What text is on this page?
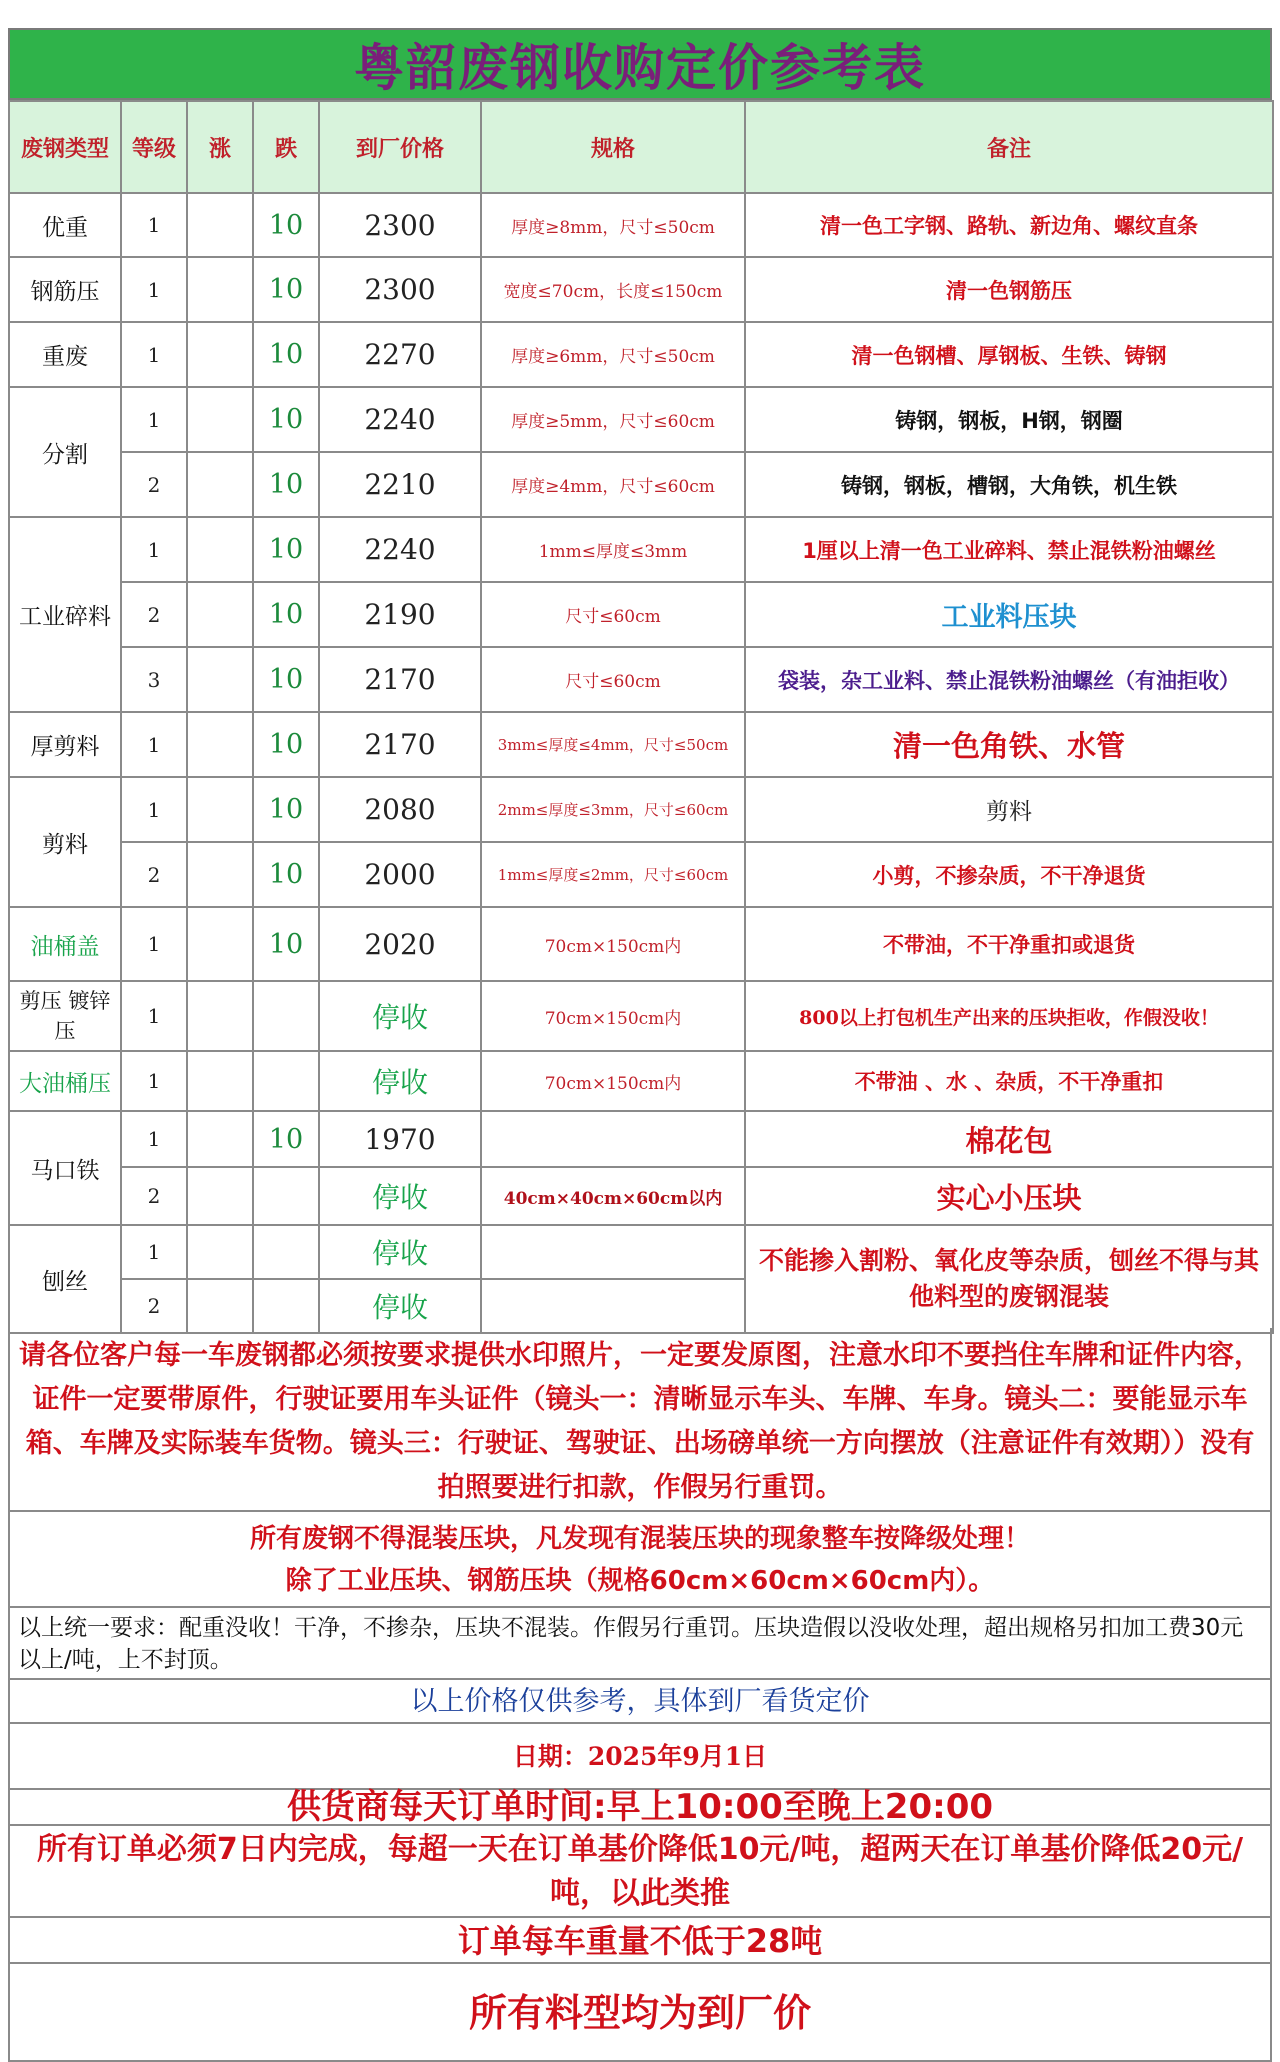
粤韶废钢收购定价参考表
废钢类型	等级	涨	跌	到厂价格	规格	备注
优重	1		10	2300	厚度≥8mm，尺寸≤50cm	清一色工字钢、路轨、新边角、螺纹直条
钢筋压	1		10	2300	宽度≤70cm，长度≤150cm	清一色钢筋压
重废	1		10	2270	厚度≥6mm，尺寸≤50cm	清一色钢槽、厚钢板、生铁、铸钢
分割	1		10	2240	厚度≥5mm，尺寸≤60cm	铸钢，钢板，H钢，钢圈
	2		10	2210	厚度≥4mm，尺寸≤60cm	铸钢，钢板，槽钢，大角铁，机生铁
工业碎料	1		10	2240	1mm≤厚度≤3mm	1厘以上清一色工业碎料、禁止混铁粉油螺丝
	2		10	2190	尺寸≤60cm	工业料压块
	3		10	2170	尺寸≤60cm	袋装，杂工业料、禁止混铁粉油螺丝（有油拒收）
厚剪料	1		10	2170	3mm≤厚度≤4mm，尺寸≤50cm	清一色角铁、水管
剪料	1		10	2080	2mm≤厚度≤3mm，尺寸≤60cm	剪料
	2		10	2000	1mm≤厚度≤2mm，尺寸≤60cm	小剪，不掺杂质，不干净退货
油桶盖	1		10	2020	70cm×150cm内	不带油，不干净重扣或退货
剪压 镀锌压	1			停收	70cm×150cm内	800以上打包机生产出来的压块拒收，作假没收！
大油桶压	1			停收	70cm×150cm内	不带油 、水 、杂质，不干净重扣
马口铁	1		10	1970		棉花包
	2			停收	40cm×40cm×60cm以内	实心小压块
刨丝	1			停收		不能掺入割粉、氧化皮等杂质，刨丝不得与其他料型的废钢混装
	2			停收		
请各位客户每一车废钢都必须按要求提供水印照片，一定要发原图，注意水印不要挡住车牌和证件内容，证件一定要带原件，行驶证要用车头证件（镜头一：清晰显示车头、车牌、车身。镜头二：要能显示车箱、车牌及实际装车货物。镜头三：行驶证、驾驶证、出场磅单统一方向摆放（注意证件有效期））没有拍照要进行扣款，作假另行重罚。
所有废钢不得混装压块，凡发现有混装压块的现象整车按降级处理！
除了工业压块、钢筋压块（规格60cm×60cm×60cm内）。
以上统一要求：配重没收！干净，不掺杂，压块不混装。作假另行重罚。压块造假以没收处理，超出规格另扣加工费30元以上/吨，上不封顶。
以上价格仅供参考，具体到厂看货定价
日期：2025年9月1日
供货商每天订单时间:早上10:00至晚上20:00
所有订单必须7日内完成，每超一天在订单基价降低10元/吨，超两天在订单基价降低20元/吨，以此类推
订单每车重量不低于28吨
所有料型均为到厂价
